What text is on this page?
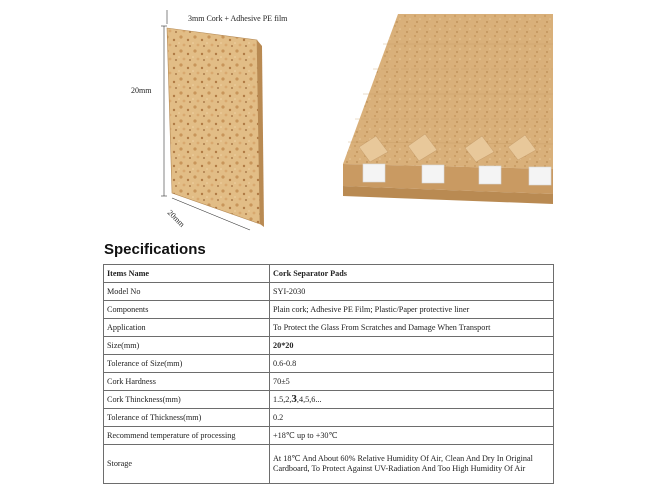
3mm Cork + Adhesive PE film
20mm
20mm
Specifications
Items Name	Cork Separator Pads
Model No	SYI-2030
Components	Plain cork; Adhesive PE Film; Plastic/Paper protective liner
Application	To Protect the Glass From Scratches and Damage When Transport
Size(mm)	20*20
Tolerance of Size(mm)	0.6-0.8
Cork Hardness	70±5
Cork Thinckness(mm)	1.5,2,3,4,5,6...
Tolerance of Thickness(mm)	0.2
Recommend temperature of processing	+18℃ up to +30℃
Storage	At 18℃ And About 60% Relative Humidity Of Air, Clean And Dry In Original Cardboard, To Protect Against UV-Radiation And Too High Humidity Of Air
